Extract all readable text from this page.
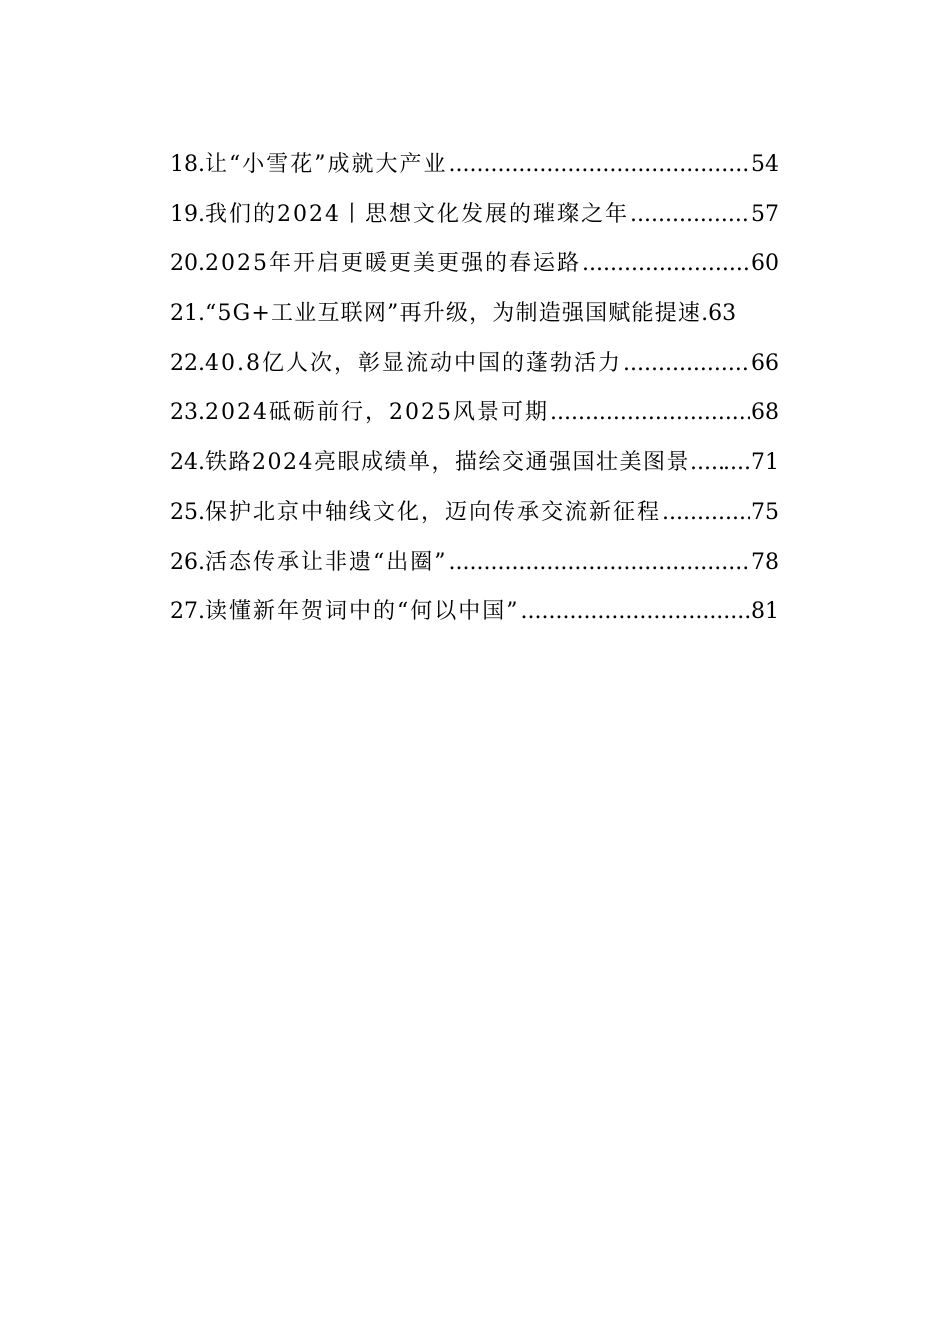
18. 让“小雪花”成就大产业 .....	54
19. 我们的2024丨思想文化发展的璀璨之年 .....	57
20. 2025年开启更暖更美更强的春运路 .....	60
21. “5G+工业互联网”再升级，为制造强国赋能提速 .63
22. 40.8亿人次，彰显流动中国的蓬勃活力 .....	66
23. 2024砥砺前行，2025风景可期 .....	68
24. 铁路2024亮眼成绩单，描绘交通强国壮美图景 ..... ....71
25. 保护北京中轴线文化，迈向传承交流新征程 .....	75
26. 活态传承让非遗“出圈” .....	78
27. 读懂新年贺词中的“何以中国” .....	81
